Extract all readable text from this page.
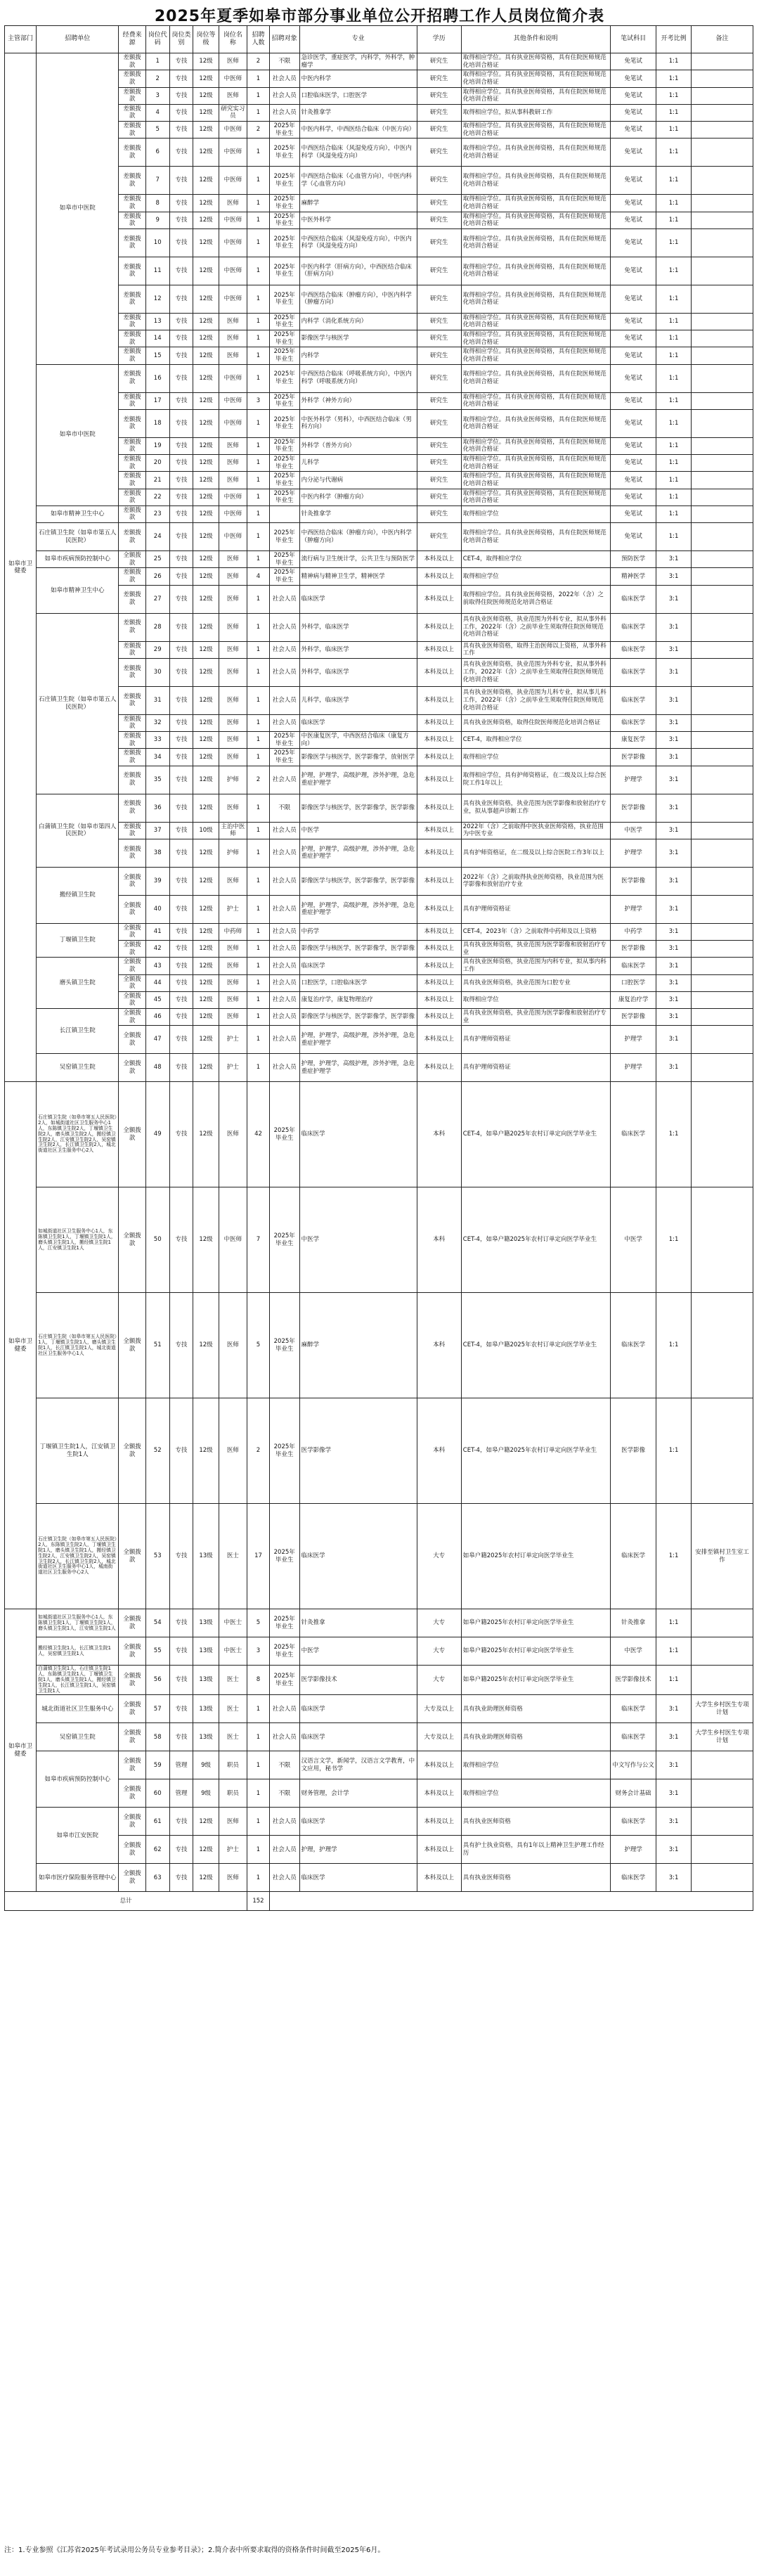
2025年夏季如皋市部分事业单位公开招聘工作人员岗位简介表
主管部门	招聘单位	经费来源	岗位代码	岗位类别	岗位等级	岗位名称	招聘人数	招聘对象	专业	学历	其他条件和说明	笔试科目	开考比例	备注
如皋市卫健委	如皋市中医院	差额拨款	1	专技	12级	医师	2	不限	急诊医学，重症医学，内科学，外科学，肿瘤学	研究生	取得相应学位。具有执业医师资格，具有住院医师规范化培训合格证	免笔试	1:1	
		差额拨款	2	专技	12级	中医师	1	社会人员	中医内科学	研究生	取得相应学位。具有执业医师资格，具有住院医师规范化培训合格证	免笔试	1:1	
		差额拨款	3	专技	12级	医师	1	社会人员	口腔临床医学，口腔医学	研究生	取得相应学位。具有执业医师资格，具有住院医师规范化培训合格证	免笔试	1:1	
		差额拨款	4	专技	12级	研究实习员	1	社会人员	针灸推拿学	研究生	取得相应学位，拟从事科教研工作	免笔试	1:1	
		差额拨款	5	专技	12级	中医师	2	2025年毕业生	中医内科学，中西医结合临床（中医方向）	研究生	取得相应学位。具有执业医师资格，具有住院医师规范化培训合格证	免笔试	1:1	
		差额拨款	6	专技	12级	中医师	1	2025年毕业生	中西医结合临床（风湿免疫方向），中医内科学（风湿免疫方向）	研究生	取得相应学位。具有执业医师资格，具有住院医师规范化培训合格证	免笔试	1:1	
		差额拨款	7	专技	12级	中医师	1	2025年毕业生	中西医结合临床（心血管方向），中医内科学（心血管方向）	研究生	取得相应学位。具有执业医师资格，具有住院医师规范化培训合格证	免笔试	1:1	
		差额拨款	8	专技	12级	医师	1	2025年毕业生	麻醉学	研究生	取得相应学位。具有执业医师资格，具有住院医师规范化培训合格证	免笔试	1:1	
		差额拨款	9	专技	12级	中医师	1	2025年毕业生	中医外科学	研究生	取得相应学位。具有执业医师资格，具有住院医师规范化培训合格证	免笔试	1:1	
		差额拨款	10	专技	12级	中医师	1	2025年毕业生	中西医结合临床（风湿免疫方向），中医内科学（风湿免疫方向）	研究生	取得相应学位。具有执业医师资格，具有住院医师规范化培训合格证	免笔试	1:1	
		差额拨款	11	专技	12级	中医师	1	2025年毕业生	中医内科学（肝病方向），中西医结合临床（肝病方向）	研究生	取得相应学位。具有执业医师资格，具有住院医师规范化培训合格证	免笔试	1:1	
		差额拨款	12	专技	12级	中医师	1	2025年毕业生	中西医结合临床（肿瘤方向），中医内科学（肿瘤方向）	研究生	取得相应学位。具有执业医师资格，具有住院医师规范化培训合格证	免笔试	1:1	
		差额拨款	13	专技	12级	医师	1	2025年毕业生	内科学（消化系统方向）	研究生	取得相应学位。具有执业医师资格，具有住院医师规范化培训合格证	免笔试	1:1	
		差额拨款	14	专技	12级	医师	1	2025年毕业生	影像医学与核医学	研究生	取得相应学位。具有执业医师资格，具有住院医师规范化培训合格证	免笔试	1:1	
		差额拨款	15	专技	12级	医师	1	2025年毕业生	内科学	研究生	取得相应学位。具有执业医师资格，具有住院医师规范化培训合格证	免笔试	1:1	
	如皋市中医院	差额拨款	16	专技	12级	中医师	1	2025年毕业生	中西医结合临床（呼吸系统方向），中医内科学（呼吸系统方向）	研究生	取得相应学位。具有执业医师资格，具有住院医师规范化培训合格证	免笔试	1:1	
		差额拨款	17	专技	12级	中医师	3	2025年毕业生	外科学（神外方向）	研究生	取得相应学位。具有执业医师资格，具有住院医师规范化培训合格证	免笔试	1:1	
		差额拨款	18	专技	12级	中医师	1	2025年毕业生	中医外科学（男科），中西医结合临床（男科方向）	研究生	取得相应学位。具有执业医师资格，具有住院医师规范化培训合格证	免笔试	1:1	
		差额拨款	19	专技	12级	医师	1	2025年毕业生	外科学（普外方向）	研究生	取得相应学位。具有执业医师资格，具有住院医师规范化培训合格证	免笔试	1:1	
		差额拨款	20	专技	12级	医师	1	2025年毕业生	儿科学	研究生	取得相应学位。具有执业医师资格，具有住院医师规范化培训合格证	免笔试	1:1	
		差额拨款	21	专技	12级	医师	1	2025年毕业生	内分泌与代谢病	研究生	取得相应学位。具有执业医师资格，具有住院医师规范化培训合格证	免笔试	1:1	
		差额拨款	22	专技	12级	中医师	1	2025年毕业生	中医内科学（肿瘤方向）	研究生	取得相应学位。具有执业医师资格，具有住院医师规范化培训合格证	免笔试	1:1	
	如皋市精神卫生中心	差额拨款	23	专技	12级	中医师	1		针灸推拿学	研究生	取得相应学位	免笔试	1:1	
	石庄镇卫生院（如皋市第五人民医院）	差额拨款	24	专技	12级	中医师	1	2025年毕业生	中西医结合临床（肿瘤方向），中医内科学（肿瘤方向）	研究生	取得相应学位。具有执业医师资格，具有住院医师规范化培训合格证	免笔试	1:1	
	如皋市疾病预防控制中心	全额拨款	25	专技	12级	医师	1	2025年毕业生	流行病与卫生统计学，公共卫生与预防医学	本科及以上	CET-4，取得相应学位	预防医学	3:1	
	如皋市精神卫生中心	差额拨款	26	专技	12级	医师	4	2025年毕业生	精神病与精神卫生学，精神医学	本科及以上	取得相应学位	精神医学	3:1	
		差额拨款	27	专技	12级	医师	1	社会人员	临床医学	本科及以上	取得相应学位。具有执业医师资格，2022年（含）之前取得住院医师规范化培训合格证	临床医学	3:1	
	石庄镇卫生院（如皋市第五人民医院）	差额拨款	28	专技	12级	医师	1	社会人员	外科学，临床医学	本科及以上	具有执业医师资格，执业范围为外科专业，拟从事外科工作，2022年（含）之前毕业生须取得住院医师规范化培训合格证	临床医学	3:1	
		差额拨款	29	专技	12级	医师	1	社会人员	外科学，临床医学	本科及以上	具有执业医师资格，取得主治医师以上资格，从事外科工作	临床医学	3:1	
		差额拨款	30	专技	12级	医师	1	社会人员	外科学，临床医学	本科及以上	具有执业医师资格，执业范围为外科专业，拟从事外科工作，2022年（含）之前毕业生须取得住院医师规范化培训合格证	临床医学	3:1	
		差额拨款	31	专技	12级	医师	1	社会人员	儿科学，临床医学	本科及以上	具有执业医师资格，执业范围为儿科专业，拟从事儿科工作，2022年（含）之前毕业生须取得住院医师规范化培训合格证	临床医学	3:1	
		差额拨款	32	专技	12级	医师	1	社会人员	临床医学	本科及以上	具有执业医师资格，取得住院医师规范化培训合格证	临床医学	3:1	
		差额拨款	33	专技	12级	医师	1	2025年毕业生	中医康复医学，中西医结合临床（康复方向）	本科及以上	CET-4，取得相应学位	康复医学	3:1	
		差额拨款	34	专技	12级	医师	1	2025年毕业生	影像医学与核医学，医学影像学，放射医学	本科及以上	取得相应学位	医学影像	3:1	
		差额拨款	35	专技	12级	护师	2	社会人员	护理，护理学，高级护理，涉外护理，急危重症护理学	本科及以上	取得相应学位，具有护师资格证，在二级及以上综合医院工作1年以上	护理学	3:1	
	白蒲镇卫生院（如皋市第四人民医院）	差额拨款	36	专技	12级	医师	1	不限	影像医学与核医学，医学影像学，医学影像	本科及以上	具有执业医师资格，执业范围为医学影像和放射治疗专业，拟从事超声诊断工作	医学影像	3:1	
		差额拨款	37	专技	10级	主治中医师	1	社会人员	中医学	本科及以上	2022年（含）之前取得中医执业医师资格，执业范围为中医专业	中医学	3:1	
		差额拨款	38	专技	12级	护师	1	社会人员	护理，护理学，高级护理，涉外护理，急危重症护理学	本科及以上	具有护师资格证，在二级及以上综合医院工作3年以上	护理学	3:1	
	搬经镇卫生院	全额拨款	39	专技	12级	医师	1	社会人员	影像医学与核医学，医学影像学，医学影像	本科及以上	2022年（含）之前取得执业医师资格，执业范围为医学影像和放射治疗专业	医学影像	3:1	
		全额拨款	40	专技	12级	护士	1	社会人员	护理，护理学，高级护理，涉外护理，急危重症护理学	本科及以上	具有护理师资格证	护理学	3:1	
	丁堰镇卫生院	全额拨款	41	专技	12级	中药师	1	社会人员	中药学	本科及以上	CET-4，2023年（含）之前取得中药师及以上资格	中药学	3:1	
		全额拨款	42	专技	12级	医师	1	社会人员	影像医学与核医学，医学影像学，医学影像	本科及以上	具有执业医师资格，执业范围为医学影像和放射治疗专业	医学影像	3:1	
	磨头镇卫生院	全额拨款	43	专技	12级	医师	1	社会人员	临床医学	本科及以上	具有执业医师资格，执业范围为内科专业，拟从事内科工作	临床医学	3:1	
		全额拨款	44	专技	12级	医师	1	社会人员	口腔医学，口腔临床医学	本科及以上	具有执业医师资格，执业范围为口腔专业	口腔医学	3:1	
		全额拨款	45	专技	12级	医师	1	社会人员	康复治疗学，康复物理治疗	本科及以上	取得相应学位	康复治疗学	3:1	
	长江镇卫生院	全额拨款	46	专技	12级	医师	1	社会人员	影像医学与核医学，医学影像学，医学影像	本科及以上	具有执业医师资格，执业范围为医学影像和放射治疗专业	医学影像	3:1	
		全额拨款	47	专技	12级	护士	1	社会人员	护理，护理学，高级护理，涉外护理，急危重症护理学	本科及以上	具有护理师资格证	护理学	3:1	
	吴窑镇卫生院	全额拨款	48	专技	12级	护士	1	社会人员	护理，护理学，高级护理，涉外护理，急危重症护理学	本科及以上	具有护理师资格证	护理学	3:1	
如皋市卫健委	石庄镇卫生院（如皋市第五人民医院）2人，如城街道社区卫生服务中心1人，东陈镇卫生院2人，丁堰镇卫生院2人，磨头镇卫生院2人，搬经镇卫生院2人，江安镇卫生院2人，吴窑镇卫生院2人，长江镇卫生院2人，城北街道社区卫生服务中心2人	全额拨款	49	专技	12级	医师	42	2025年毕业生	临床医学	本科	CET-4，如皋户籍2025年农村订单定向医学毕业生	临床医学	1:1	
	如城街道社区卫生服务中心1人，东陈镇卫生院1人，丁堰镇卫生院1人，磨头镇卫生院1人，搬经镇卫生院1人，江安镇卫生院1人	全额拨款	50	专技	12级	中医师	7	2025年毕业生	中医学	本科	CET-4，如皋户籍2025年农村订单定向医学毕业生	中医学	1:1	
	石庄镇卫生院（如皋市第五人民医院）1人，丁堰镇卫生院1人，磨头镇卫生院1人，长江镇卫生院1人，城北街道社区卫生服务中心1人	全额拨款	51	专技	12级	医师	5	2025年毕业生	麻醉学	本科	CET-4，如皋户籍2025年农村订单定向医学毕业生	临床医学	1:1	
	丁堰镇卫生院1人，江安镇卫生院1人	全额拨款	52	专技	12级	医师	2	2025年毕业生	医学影像学	本科	CET-4，如皋户籍2025年农村订单定向医学毕业生	医学影像	1:1	
	石庄镇卫生院（如皋市第五人民医院）2人，东陈镇卫生院2人，丁堰镇卫生院1人，磨头镇卫生院1人，搬经镇卫生院2人，江安镇卫生院2人，吴窑镇卫生院2人，长江镇卫生院2人，城北街道社区卫生服务中心1人，城南街道社区卫生服务中心2人	全额拨款	53	专技	13级	医士	17	2025年毕业生	临床医学	大专	如皋户籍2025年农村订单定向医学毕业生	临床医学	1:1	安排至镇村卫生室工作
如皋市卫健委	如城街道社区卫生服务中心1人，东陈镇卫生院1人，丁堰镇卫生院1人，磨头镇卫生院1人，江安镇卫生院1人	全额拨款	54	专技	13级	中医士	5	2025年毕业生	针灸推拿	大专	如皋户籍2025年农村订单定向医学毕业生	针灸推拿	1:1	
	搬经镇卫生院1人，长江镇卫生院1人，吴窑镇卫生院1人	全额拨款	55	专技	13级	中医士	3	2025年毕业生	中医学	大专	如皋户籍2025年农村订单定向医学毕业生	中医学	1:1	
	白蒲镇卫生院1人，石庄镇卫生院1人，东陈镇卫生院1人，丁堰镇卫生院1人，磨头镇卫生院1人，搬经镇卫生院1人，长江镇卫生院1人，吴窑镇卫生院1人	全额拨款	56	专技	13级	医士	8	2025年毕业生	医学影像技术	大专	如皋户籍2025年农村订单定向医学毕业生	医学影像技术	1:1	
	城北街道社区卫生服务中心	全额拨款	57	专技	13级	医士	1	社会人员	临床医学	大专及以上	具有执业助理医师资格	临床医学	3:1	大学生乡村医生专项计划
	吴窑镇卫生院	全额拨款	58	专技	13级	医士	1	社会人员	临床医学	大专及以上	具有执业助理医师资格	临床医学	3:1	大学生乡村医生专项计划
	如皋市疾病预防控制中心	全额拨款	59	管理	9级	职员	1	不限	汉语言文学，新闻学，汉语言文学教育，中文应用，秘书学	本科及以上	取得相应学位	中文写作与公文	3:1	
		全额拨款	60	管理	9级	职员	1	不限	财务管理，会计学	本科及以上	取得相应学位	财务会计基础	3:1	
	如皋市江安医院	全额拨款	61	专技	12级	医师	1	社会人员	临床医学	本科及以上	具有执业医师资格	临床医学	3:1	
		全额拨款	62	专技	12级	护士	1	社会人员	护理，护理学	本科及以上	具有护士执业资格，具有1年以上精神卫生护理工作经历	护理学	3:1	
	如皋市医疗保险服务管理中心	全额拨款	63	专技	12级	医师	1	社会人员	临床医学	本科及以上	具有执业医师资格	临床医学	3:1	
总计							152							
注：1.专业参照《江苏省2025年考试录用公务员专业参考目录》；2.简介表中所要求取得的资格条件时间截至2025年6月。
